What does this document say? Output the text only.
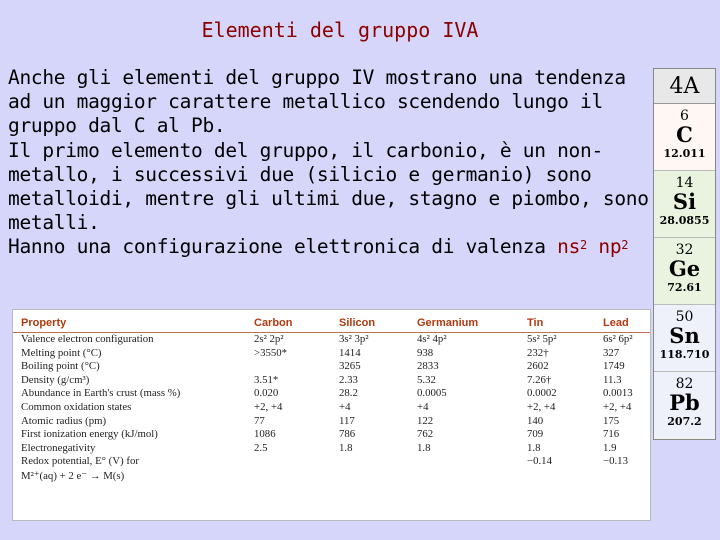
Elementi del gruppo IVA

Anche gli elementi del gruppo IV mostrano una tendenza ad un maggior carattere metallico scendendo lungo il gruppo dal C al Pb.

Il primo elemento del gruppo, il carbonio, è un non-metallo, i successivi due (silicio e germanio) sono metalloidi, mentre gli ultimi due, stagno e piombo, sono metalli.

Hanno una configurazione elettronica di valenza $ns^2$ $np^2$

4A
6
C
12.011
14
Si
28.0855
32
Ge
72.61
50
Sn
118.710
82
Pb
207.2
Property	Carbon	Silicon	Germanium	Tin	Lead
Valence electron configuration	2s² 2p²	3s² 3p²	4s² 4p²	5s² 5p²	6s² 6p²
Melting point (°C)	>3550*	1414	938	232†	327
Boiling point (°C)		3265	2833	2602	1749
Density (g/cm³)	3.51*	2.33	5.32	7.26†	11.3
Abundance in Earth's crust (mass %)	0.020	28.2	0.0005	0.0002	0.0013
Common oxidation states	+2, +4	+4	+4	+2, +4	+2, +4
Atomic radius (pm)	77	117	122	140	175
First ionization energy (kJ/mol)	1086	786	762	709	716
Electronegativity	2.5	1.8	1.8	1.8	1.9
Redox potential, E° (V) for				−0.14	−0.13
M²⁺(aq) + 2 e⁻ → M(s)					
